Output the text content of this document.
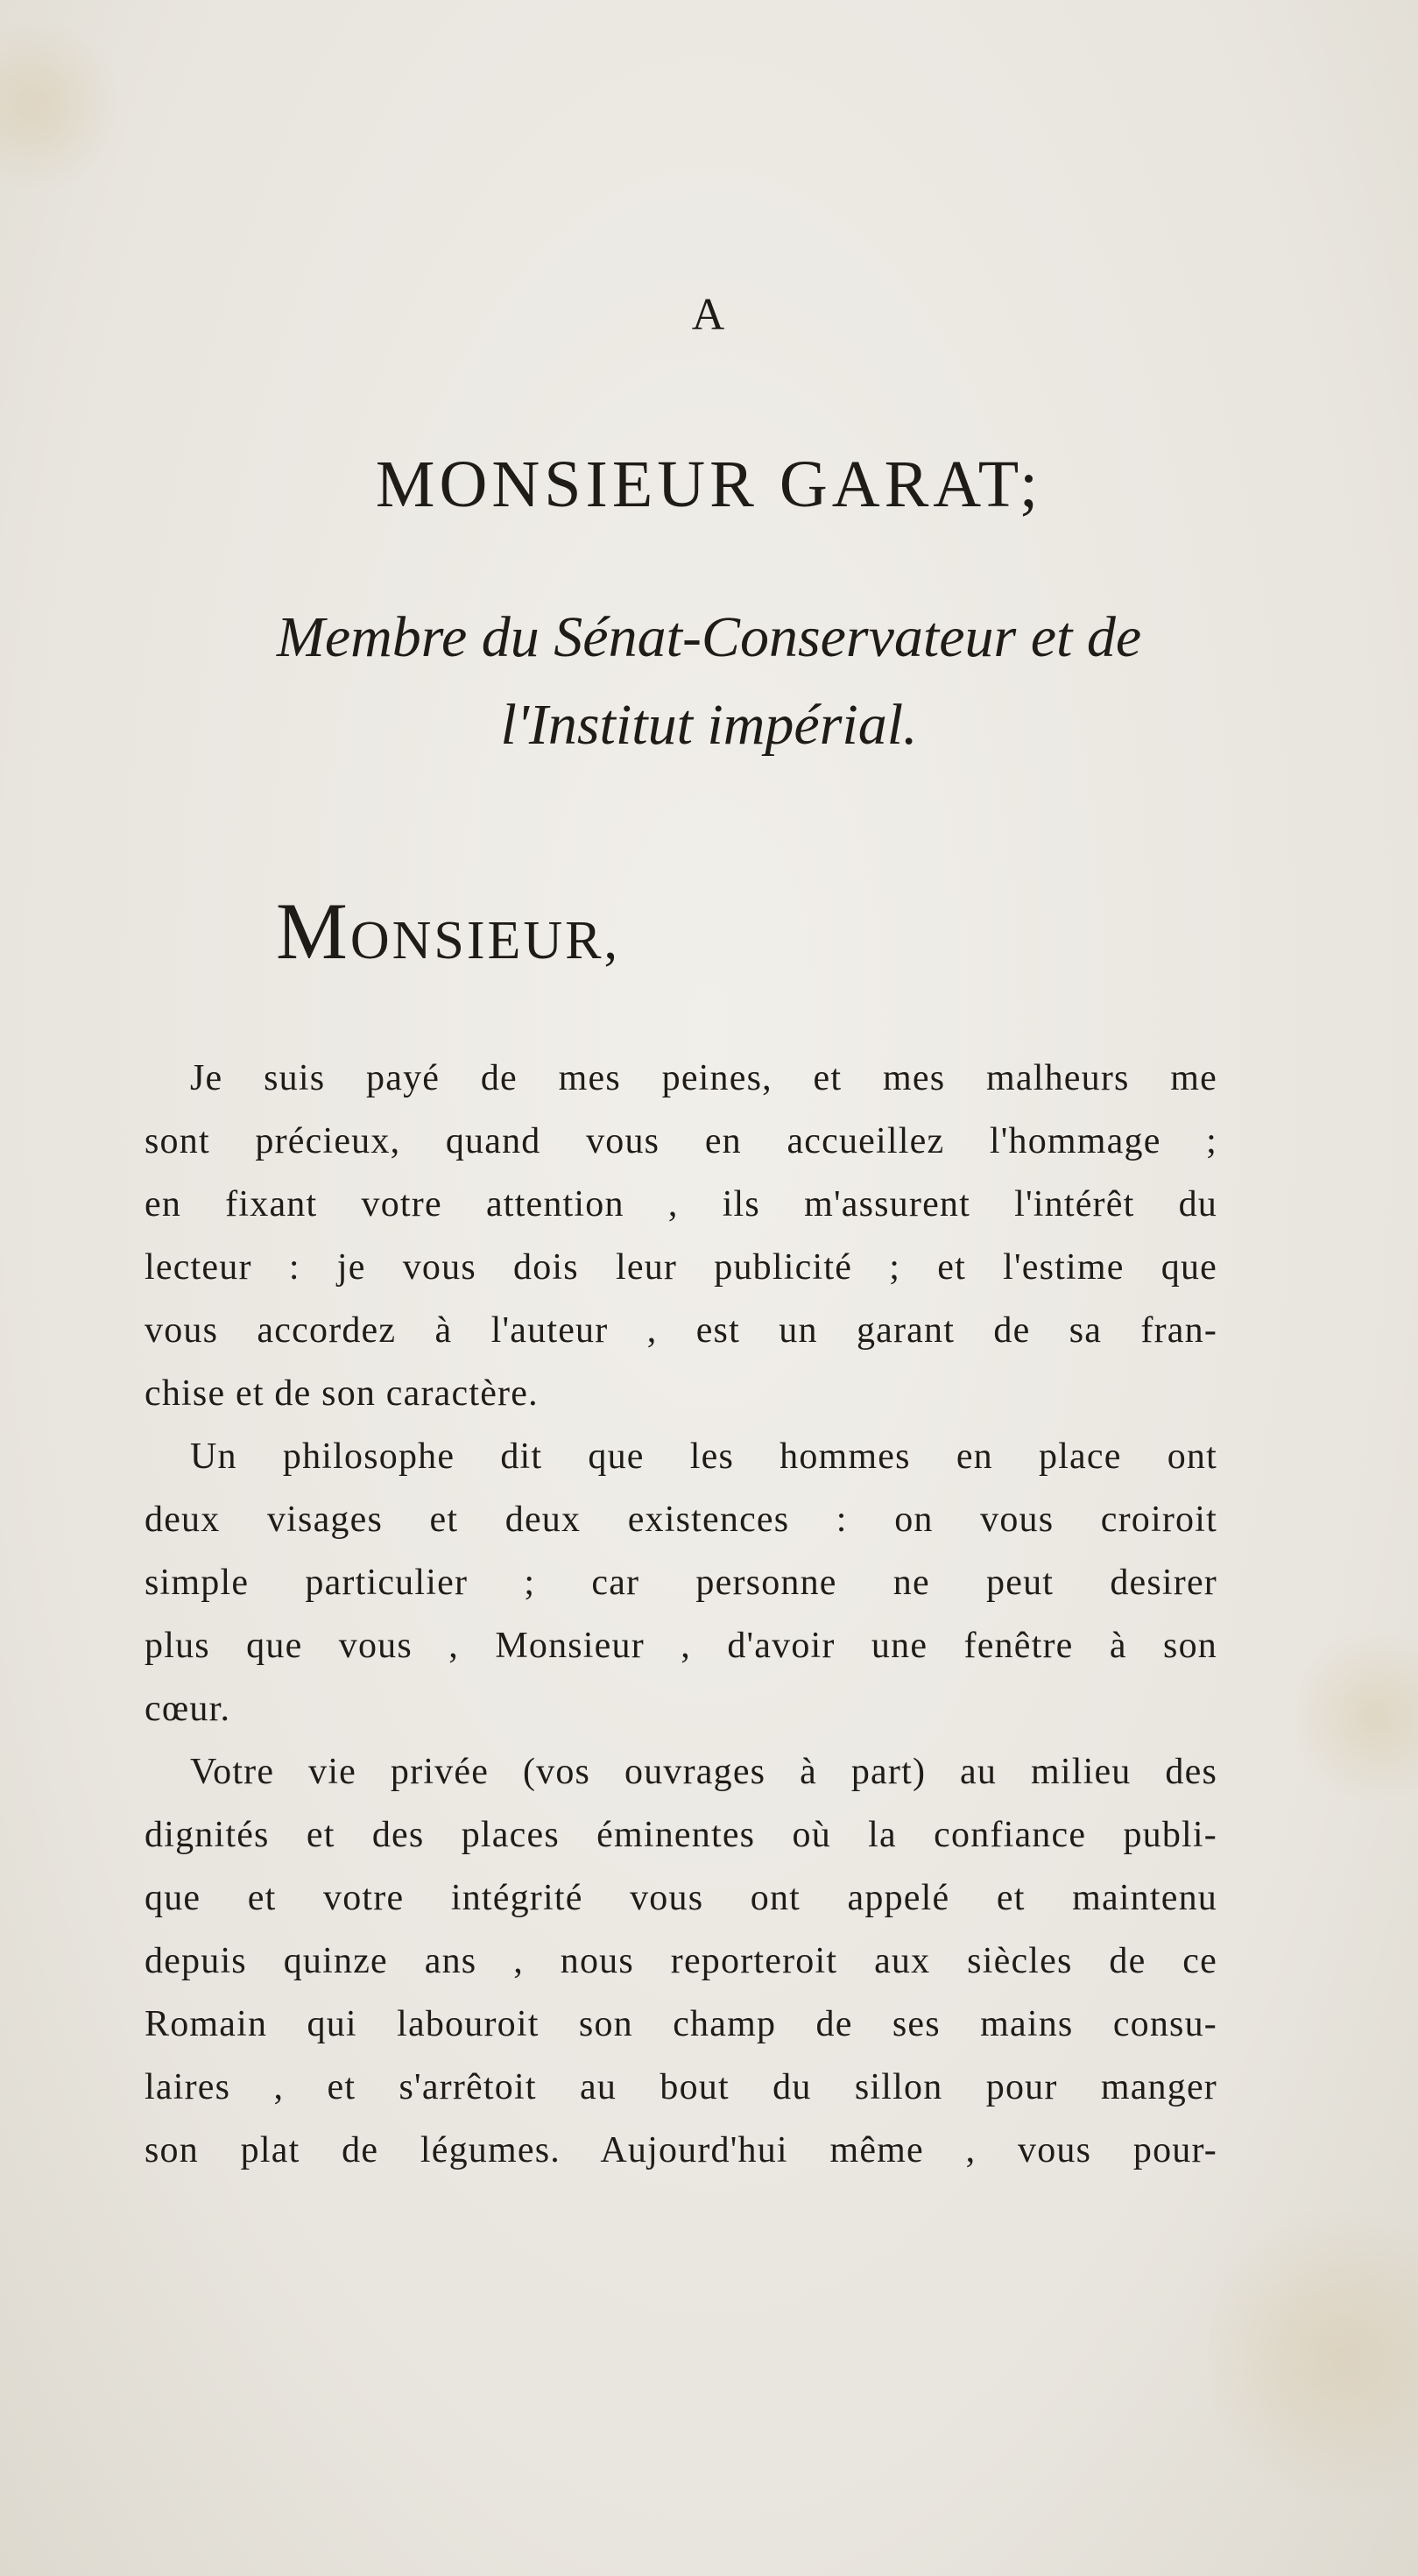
A
MONSIEUR GARAT;
Membre du Sénat-Conservateur et de
l'Institut impérial.
MONSIEUR,
Je suis payé de mes peines, et mes malheurs me
sont précieux, quand vous en accueillez l'hommage ;
en fixant votre attention , ils m'assurent l'intérêt du
lecteur : je vous dois leur publicité ; et l'estime que
vous accordez à l'auteur , est un garant de sa fran-
chise et de son caractère.
Un philosophe dit que les hommes en place ont
deux visages et deux existences : on vous croiroit
simple particulier ; car personne ne peut desirer
plus que vous , Monsieur , d'avoir une fenêtre à son
cœur.
Votre vie privée (vos ouvrages à part) au milieu des
dignités et des places éminentes où la confiance publi-
que et votre intégrité vous ont appelé et maintenu
depuis quinze ans , nous reporteroit aux siècles de ce
Romain qui labouroit son champ de ses mains consu-
laires , et s'arrêtoit au bout du sillon pour manger
son plat de légumes. Aujourd'hui même , vous pour-
